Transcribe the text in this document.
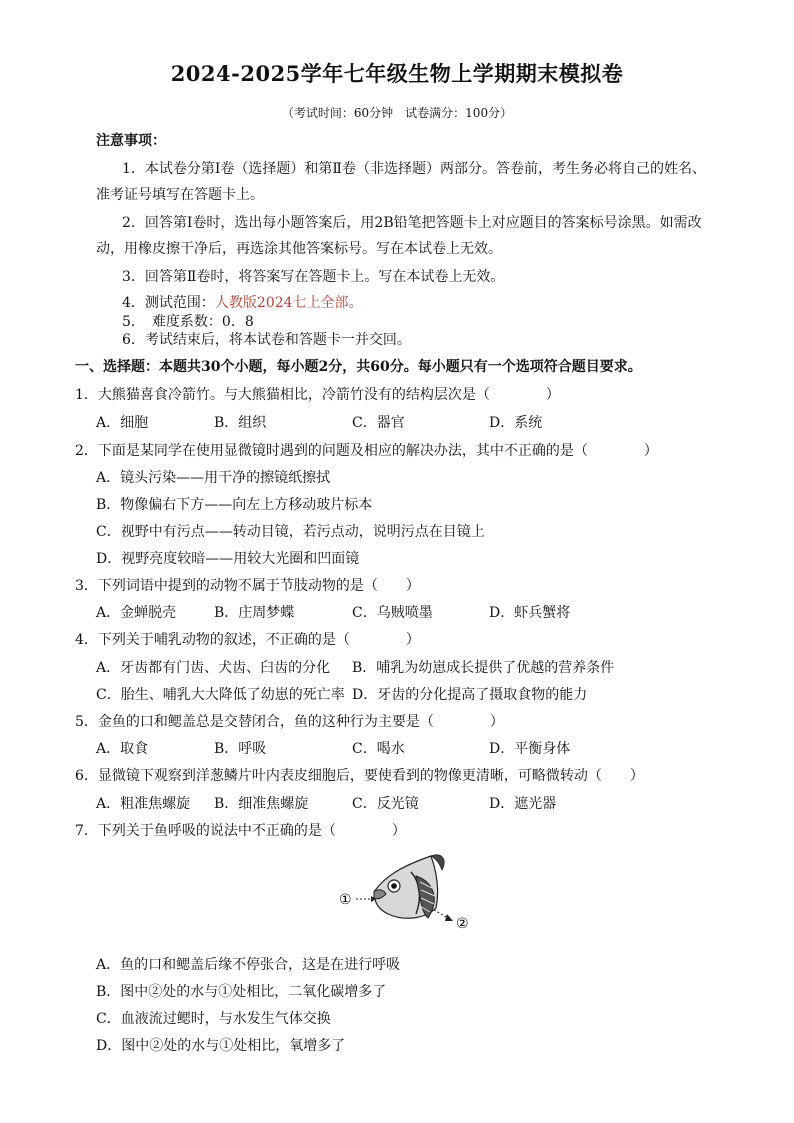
2024-2025学年七年级生物上学期期末模拟卷
（考试时间：60分钟　试卷满分：100分）
注意事项：
1．本试卷分第Ⅰ卷（选择题）和第Ⅱ卷（非选择题）两部分。答卷前，考生务必将自己的姓名、
准考证号填写在答题卡上。
2．回答第Ⅰ卷时，选出每小题答案后，用2B铅笔把答题卡上对应题目的答案标号涂黑。如需改
动，用橡皮擦干净后，再选涂其他答案标号。写在本试卷上无效。
3．回答第Ⅱ卷时，将答案写在答题卡上。写在本试卷上无效。
4．测试范围：人教版2024七上全部。
5．　难度系数：0．8
6．考试结束后，将本试卷和答题卡一并交回。
一、选择题：本题共30个小题，每小题2分，共60分。每小题只有一个选项符合题目要求。
1．大熊猫喜食冷箭竹。与大熊猫相比，冷箭竹没有的结构层次是（　　　　）
A．细胞	B．组织	C．器官	D．系统
2．下面是某同学在使用显微镜时遇到的问题及相应的解决办法，其中不正确的是（　　　　）
A．镜头污染——用干净的擦镜纸擦拭
B．物像偏右下方——向左上方移动玻片标本
C．视野中有污点——转动目镜，若污点动，说明污点在目镜上
D．视野亮度较暗——用较大光圈和凹面镜
3．下列词语中提到的动物不属于节肢动物的是（　　）
A．金蝉脱壳	B．庄周梦蝶	C．乌贼喷墨	D．虾兵蟹将
4．下列关于哺乳动物的叙述，不正确的是（　　　　）
A．牙齿都有门齿、犬齿、臼齿的分化 B．哺乳为幼崽成长提供了优越的营养条件
C．胎生、哺乳大大降低了幼崽的死亡率 D．牙齿的分化提高了摄取食物的能力
5．金鱼的口和鳃盖总是交替闭合，鱼的这种行为主要是（　　　　）
A．取食	B．呼吸	C．喝水	D．平衡身体
6．显微镜下观察到洋葱鳞片叶内表皮细胞后，要使看到的物像更清晰，可略微转动（　　）
A．粗准焦螺旋 B．细准焦螺旋	C．反光镜	D．遮光器
7．下列关于鱼呼吸的说法中不正确的是（　　　　）
①
②
A．鱼的口和鳃盖后缘不停张合，这是在进行呼吸
B．图中②处的水与①处相比，二氧化碳增多了
C．血液流过鳃时，与水发生气体交换
D．图中②处的水与①处相比，氧增多了
